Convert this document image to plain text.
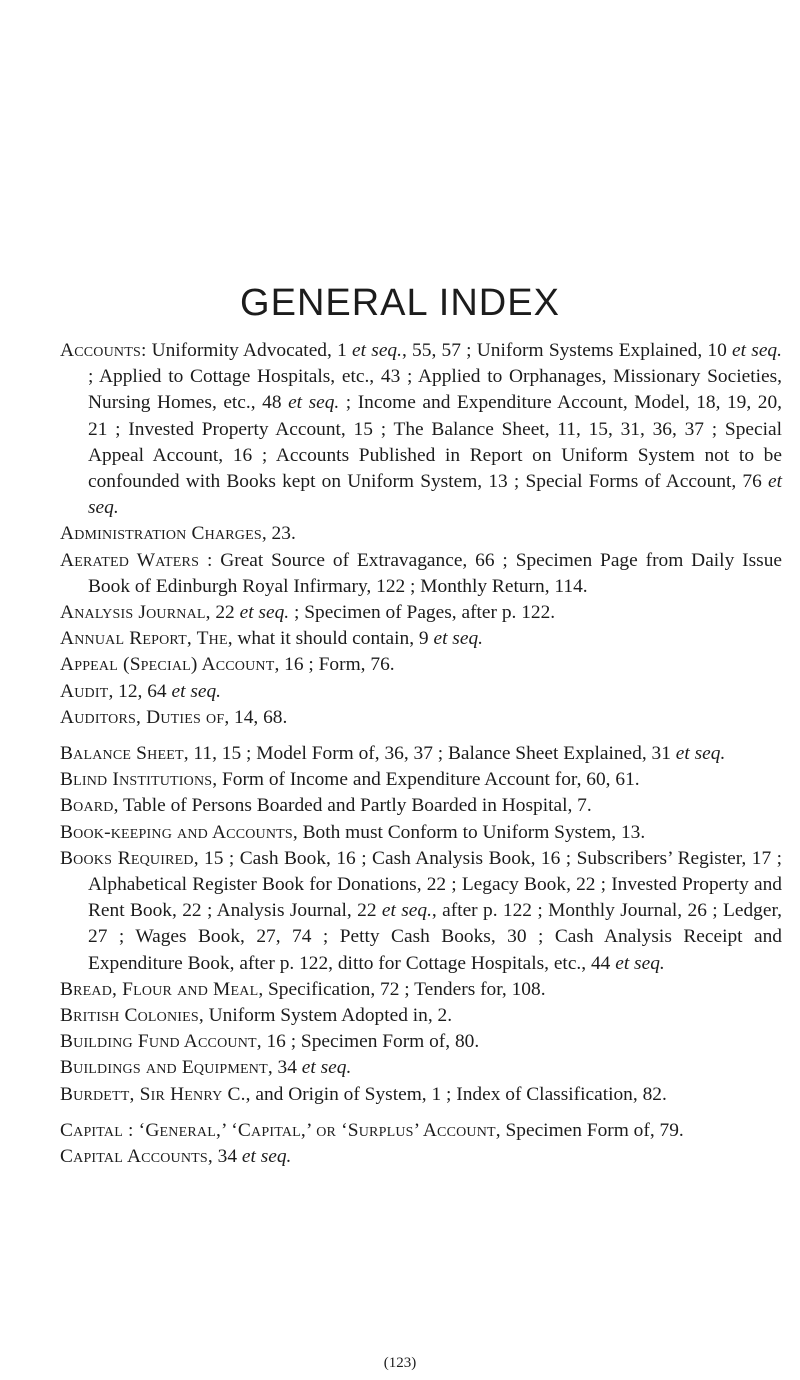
GENERAL INDEX

Accounts: Uniformity Advocated, 1 et seq., 55, 57 ; Uniform Systems Explained, 10 et seq. ; Applied to Cottage Hospitals, etc., 43 ; Applied to Orphanages, Missionary Societies, Nursing Homes, etc., 48 et seq. ; Income and Expenditure Account, Model, 18, 19, 20, 21 ; Invested Property Account, 15 ; The Balance Sheet, 11, 15, 31, 36, 37 ; Special Appeal Account, 16 ; Accounts Published in Report on Uniform System not to be confounded with Books kept on Uniform System, 13 ; Special Forms of Account, 76 et seq.

Administration Charges, 23.

Aerated Waters : Great Source of Extravagance, 66 ; Specimen Page from Daily Issue Book of Edinburgh Royal Infirmary, 122 ; Monthly Return, 114.

Analysis Journal, 22 et seq. ; Specimen of Pages, after p. 122.

Annual Report, The, what it should contain, 9 et seq.

Appeal (Special) Account, 16 ; Form, 76.

Audit, 12, 64 et seq.

Auditors, Duties of, 14, 68.

Balance Sheet, 11, 15 ; Model Form of, 36, 37 ; Balance Sheet Explained, 31 et seq.

Blind Institutions, Form of Income and Expenditure Account for, 60, 61.

Board, Table of Persons Boarded and Partly Boarded in Hospital, 7.

Book-keeping and Accounts, Both must Conform to Uniform System, 13.

Books Required, 15 ; Cash Book, 16 ; Cash Analysis Book, 16 ; Subscribers’ Register, 17 ; Alphabetical Register Book for Donations, 22 ; Legacy Book, 22 ; Invested Property and Rent Book, 22 ; Analysis Journal, 22 et seq., after p. 122 ; Monthly Journal, 26 ; Ledger, 27 ; Wages Book, 27, 74 ; Petty Cash Books, 30 ; Cash Analysis Receipt and Expenditure Book, after p. 122, ditto for Cottage Hospitals, etc., 44 et seq.

Bread, Flour and Meal, Specification, 72 ; Tenders for, 108.

British Colonies, Uniform System Adopted in, 2.

Building Fund Account, 16 ; Specimen Form of, 80.

Buildings and Equipment, 34 et seq.

Burdett, Sir Henry C., and Origin of System, 1 ; Index of Classification, 82.

Capital : ‘General,’ ‘Capital,’ or ‘Surplus’ Account, Specimen Form of, 79.

Capital Accounts, 34 et seq.

(123)
